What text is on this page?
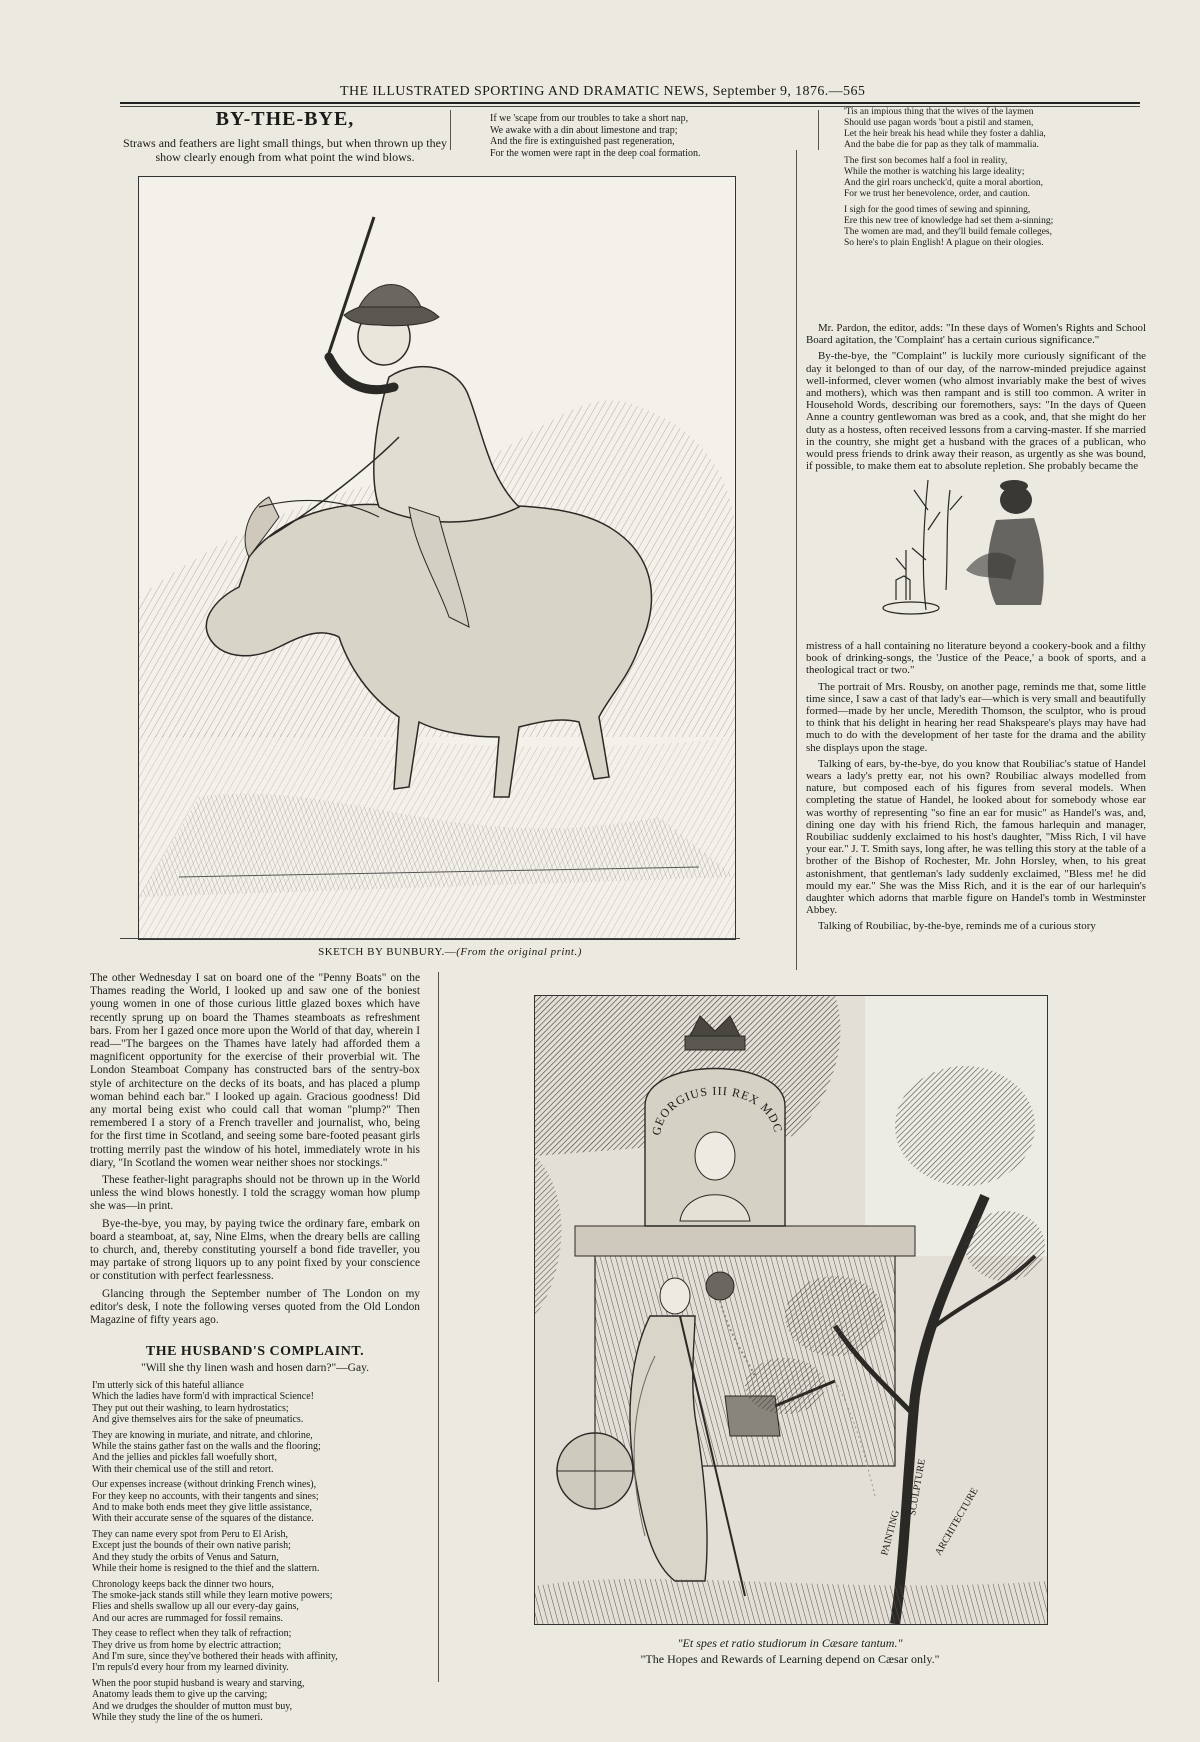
THE ILLUSTRATED SPORTING AND DRAMATIC NEWS, September 9, 1876.—565
BY-THE-BYE,
Straws and feathers are light small things, but when thrown up they show clearly enough from what point the wind blows.
If we 'scape from our troubles to take a short nap,
We awake with a din about limestone and trap;
And the fire is extinguished past regeneration,
For the women were rapt in the deep coal formation.
'Tis an impious thing that the wives of the laymen
Should use pagan words 'bout a pistil and stamen,
Let the heir break his head while they foster a dahlia,
And the babe die for pap as they talk of mammalia.
The first son becomes half a fool in reality,
While the mother is watching his large ideality;
And the girl roars uncheck'd, quite a moral abortion,
For we trust her benevolence, order, and caution.
I sigh for the good times of sewing and spinning,
Ere this new tree of knowledge had set them a-sinning;
The women are mad, and they'll build female colleges,
So here's to plain English! A plague on their ologies.

Mr. Pardon, the editor, adds: "In these days of Women's Rights and School Board agitation, the 'Complaint' has a certain curious significance."

By-the-bye, the "Complaint" is luckily more curiously significant of the day it belonged to than of our day, of the narrow-minded prejudice against well-informed, clever women (who almost invariably make the best of wives and mothers), which was then rampant and is still too common. A writer in Household Words, describing our foremothers, says: "In the days of Queen Anne a country gentlewoman was bred as a cook, and, that she might do her duty as a hostess, often received lessons from a carving-master. If she married in the country, she might get a husband with the graces of a publican, who would press friends to drink away their reason, as urgently as she was bound, if possible, to make them eat to absolute repletion. She probably became the

mistress of a hall containing no literature beyond a cookery-book and a filthy book of drinking-songs, the 'Justice of the Peace,' a book of sports, and a theological tract or two."

The portrait of Mrs. Rousby, on another page, reminds me that, some little time since, I saw a cast of that lady's ear—which is very small and beautifully formed—made by her uncle, Meredith Thomson, the sculptor, who is proud to think that his delight in hearing her read Shakspeare's plays may have had much to do with the development of her taste for the drama and the ability she displays upon the stage.

Talking of ears, by-the-bye, do you know that Roubiliac's statue of Handel wears a lady's pretty ear, not his own? Roubiliac always modelled from nature, but composed each of his figures from several models. When completing the statue of Handel, he looked about for somebody whose ear was worthy of representing "so fine an ear for music" as Handel's was, and, dining one day with his friend Rich, the famous harlequin and manager, Roubiliac suddenly exclaimed to his host's daughter, "Miss Rich, I vil have your ear." J. T. Smith says, long after, he was telling this story at the table of a brother of the Bishop of Rochester, Mr. John Horsley, when, to his great astonishment, that gentleman's lady suddenly exclaimed, "Bless me! he did mould my ear." She was the Miss Rich, and it is the ear of our harlequin's daughter which adorns that marble figure on Handel's tomb in Westminster Abbey.

Talking of Roubiliac, by-the-bye, reminds me of a curious story

SKETCH BY BUNBURY.—(From the original print.)

The other Wednesday I sat on board one of the "Penny Boats" on the Thames reading the World, I looked up and saw one of the boniest young women in one of those curious little glazed boxes which have recently sprung up on board the Thames steamboats as refreshment bars. From her I gazed once more upon the World of that day, wherein I read—"The bargees on the Thames have lately had afforded them a magnificent opportunity for the exercise of their proverbial wit. The London Steamboat Company has constructed bars of the sentry-box style of architecture on the decks of its boats, and has placed a plump woman behind each bar." I looked up again. Gracious goodness! Did any mortal being exist who could call that woman "plump?" Then remembered I a story of a French traveller and journalist, who, being for the first time in Scotland, and seeing some bare-footed peasant girls trotting merrily past the window of his hotel, immediately wrote in his diary, "In Scotland the women wear neither shoes nor stockings."

These feather-light paragraphs should not be thrown up in the World unless the wind blows honestly. I told the scraggy woman how plump she was—in print.

Bye-the-bye, you may, by paying twice the ordinary fare, embark on board a steamboat, at, say, Nine Elms, when the dreary bells are calling to church, and, thereby constituting yourself a bond fide traveller, you may partake of strong liquors up to any point fixed by your conscience or constitution with perfect fearlessness.

Glancing through the September number of The London on my editor's desk, I note the following verses quoted from the Old London Magazine of fifty years ago.

THE HUSBAND'S COMPLAINT.
"Will she thy linen wash and hosen darn?"—Gay.
I'm utterly sick of this hateful alliance
Which the ladies have form'd with impractical Science!
They put out their washing, to learn hydrostatics;
And give themselves airs for the sake of pneumatics.
They are knowing in muriate, and nitrate, and chlorine,
While the stains gather fast on the walls and the flooring;
And the jellies and pickles fall woefully short,
With their chemical use of the still and retort.
Our expenses increase (without drinking French wines),
For they keep no accounts, with their tangents and sines;
And to make both ends meet they give little assistance,
With their accurate sense of the squares of the distance.
They can name every spot from Peru to El Arish,
Except just the bounds of their own native parish;
And they study the orbits of Venus and Saturn,
While their home is resigned to the thief and the slattern.
Chronology keeps back the dinner two hours,
The smoke-jack stands still while they learn motive powers;
Flies and shells swallow up all our every-day gains,
And our acres are rummaged for fossil remains.
They cease to reflect when they talk of refraction;
They drive us from home by electric attraction;
And I'm sure, since they've bothered their heads with affinity,
I'm repuls'd every hour from my learned divinity.
When the poor stupid husband is weary and starving,
Anatomy leads them to give up the carving;
And we drudges the shoulder of mutton must buy,
While they study the line of the os humeri.
GEORGIUS III REX MDC
PAINTING
SCULPTURE ARCHITECTURE
"Et spes et ratio studiorum in Cæsare tantum."
"The Hopes and Rewards of Learning depend on Cæsar only."
